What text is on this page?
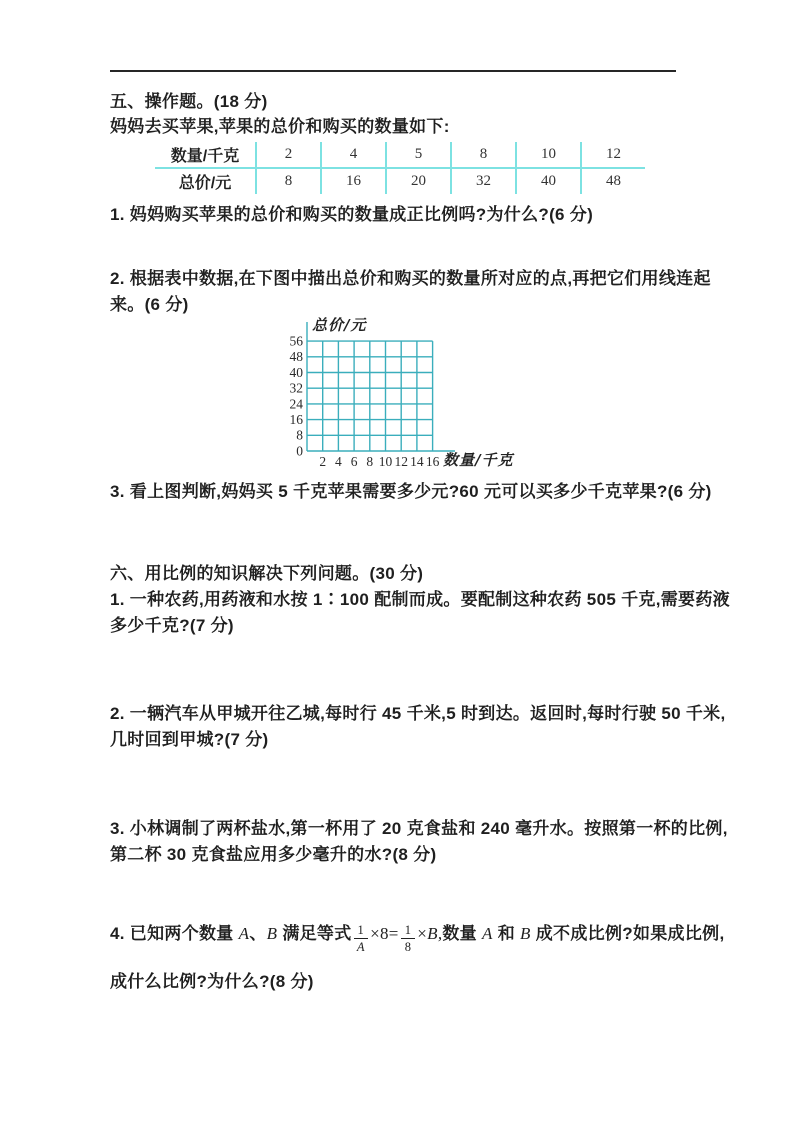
五、操作题。(18 分)
妈妈去买苹果,苹果的总价和购买的数量如下:
数量/千克	2	4	5	8	10	12
总价/元	8	16	20	32	40	48
1. 妈妈购买苹果的总价和购买的数量成正比例吗?为什么?(6 分)
2. 根据表中数据,在下图中描出总价和购买的数量所对应的点,再把它们用线连起
来。(6 分)
总价/元
56
48
40
32
24
16
8
0
2 4 6 8 10 12 14 16 数量/千克
3. 看上图判断,妈妈买 5 千克苹果需要多少元?60 元可以买多少千克苹果?(6 分)
六、用比例的知识解决下列问题。(30 分)
1. 一种农药,用药液和水按 1∶100 配制而成。要配制这种农药 505 千克,需要药液
多少千克?(7 分)
2. 一辆汽车从甲城开往乙城,每时行 45 千米,5 时到达。返回时,每时行驶 50 千米,
几时回到甲城?(7 分)
3. 小林调制了两杯盐水,第一杯用了 20 克食盐和 240 毫升水。按照第一杯的比例,
第二杯 30 克食盐应用多少毫升的水?(8 分)
4. 已知两个数量 A、B 满足等式 $\frac{1}{A} \times 8= \frac{1}{8} \times B$,数量 A 和 B 成不成比例?如果成比例,
成什么比例?为什么?(8 分)
